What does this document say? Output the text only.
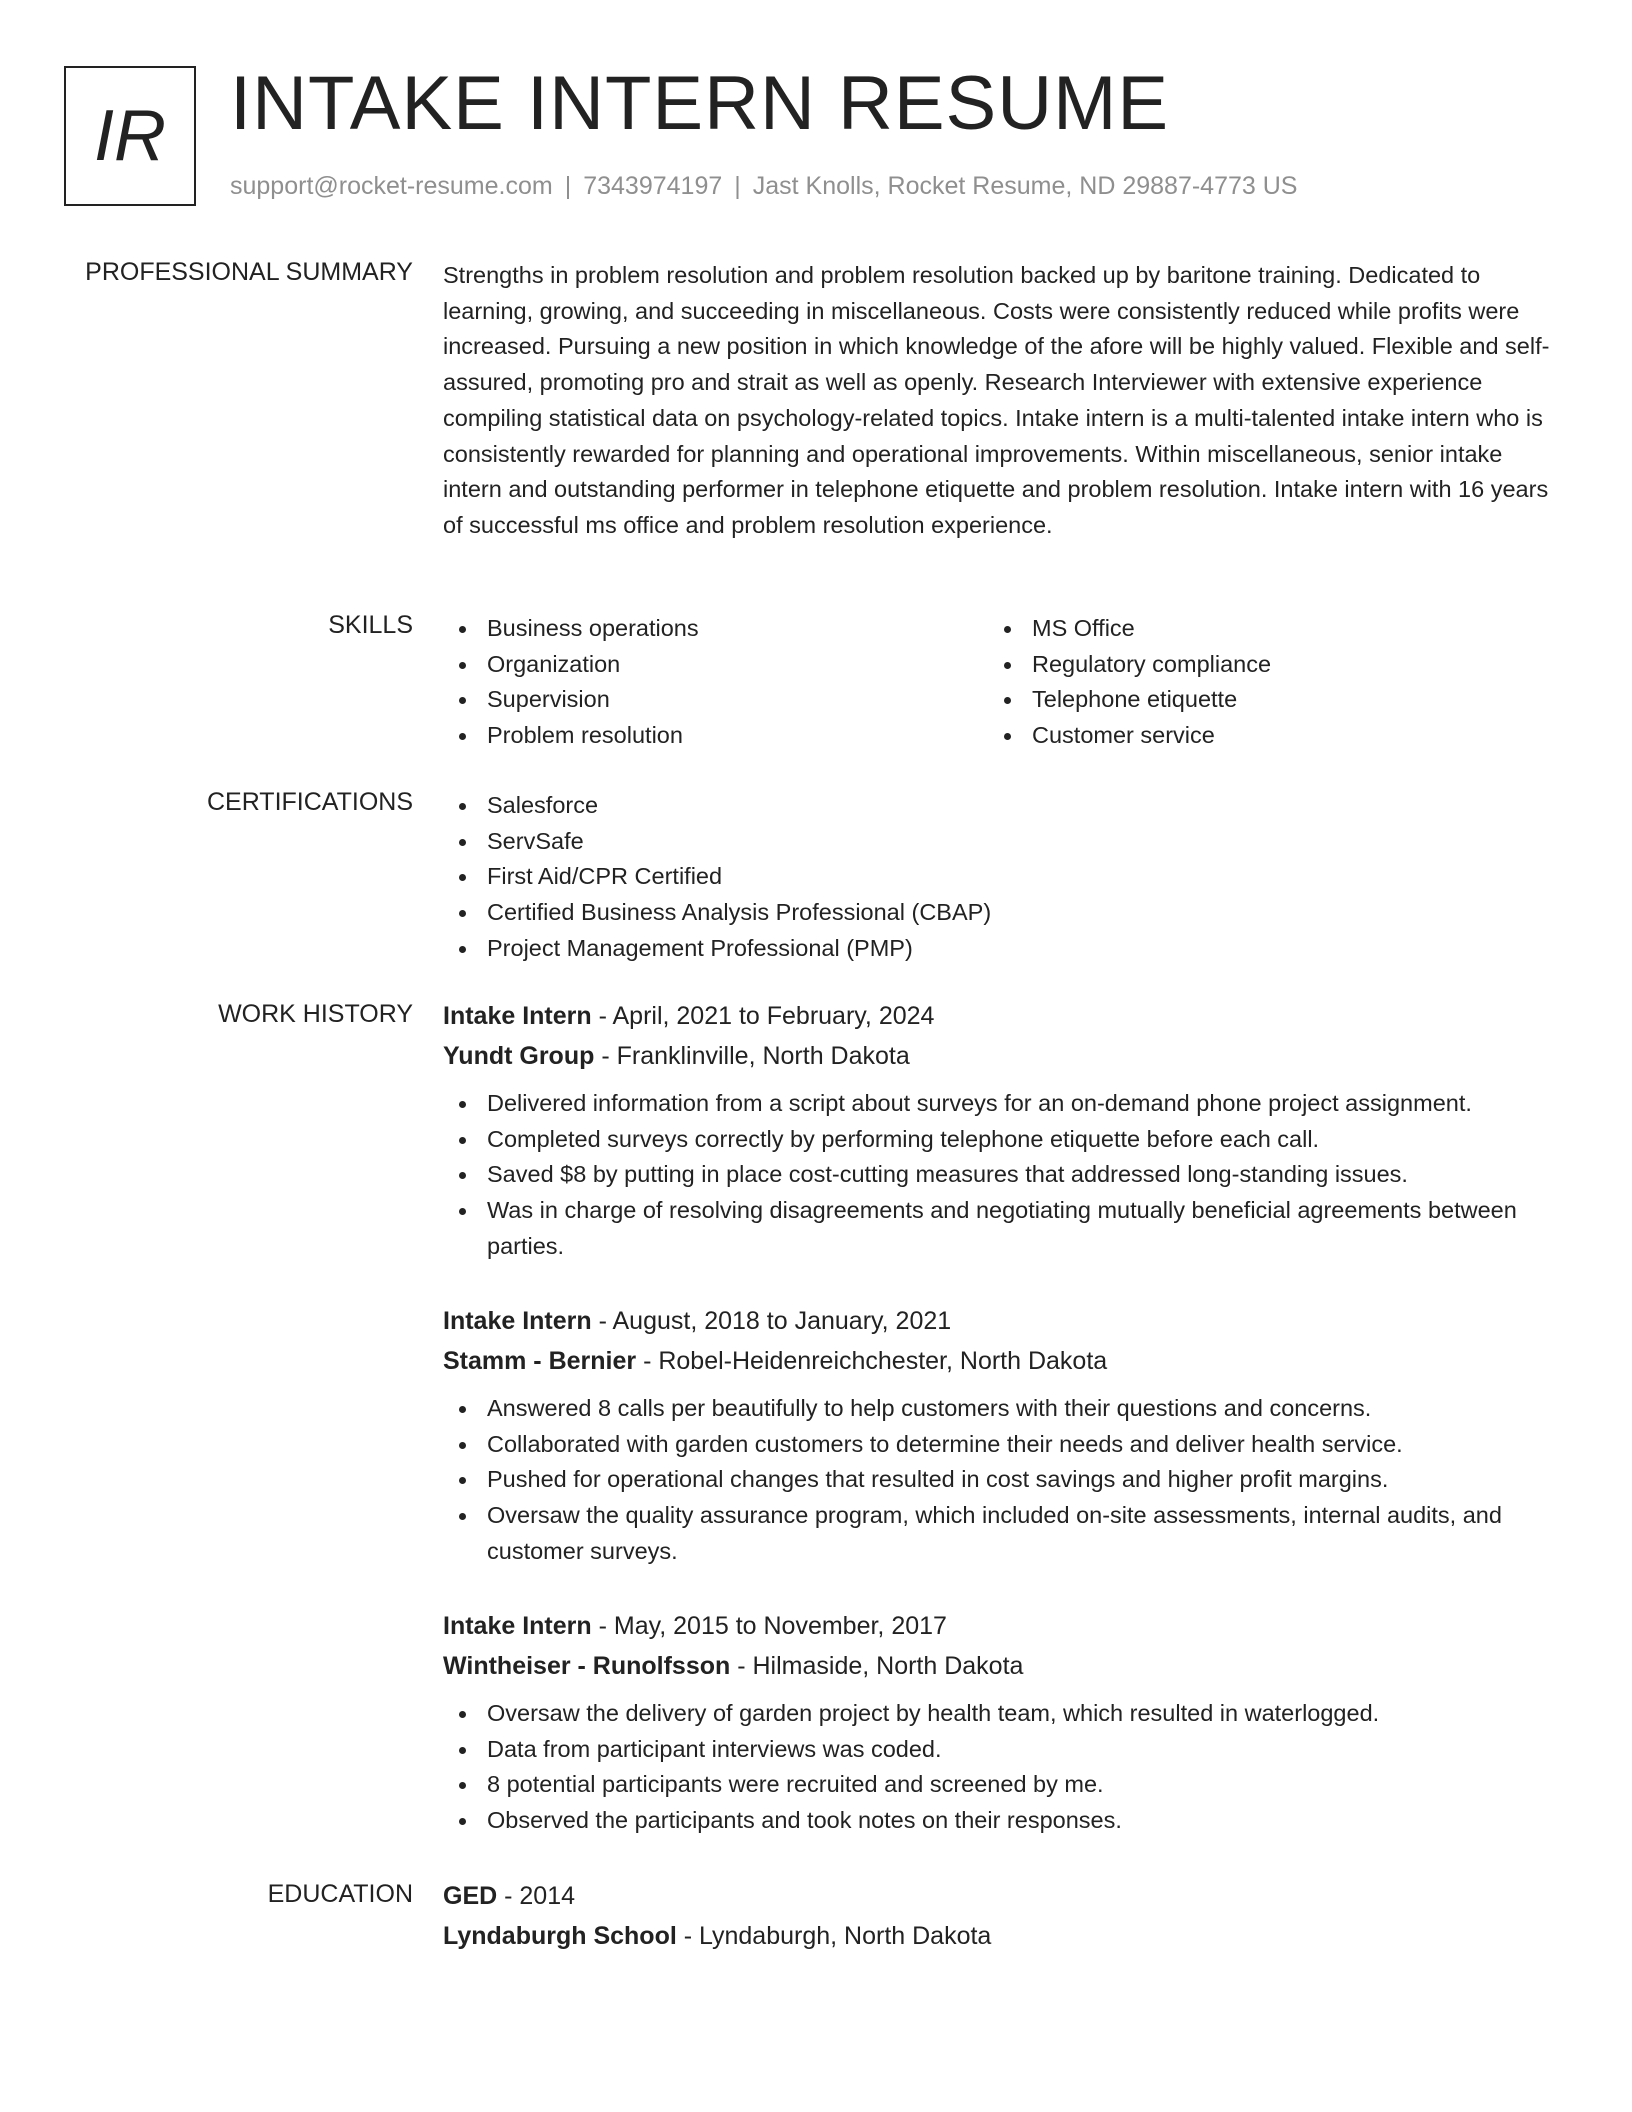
IR INTAKE INTERN RESUME
support@rocket-resume.com | 7343974197 | Jast Knolls, Rocket Resume, ND 29887-4773 US
PROFESSIONAL SUMMARY Strengths in problem resolution and problem resolution backed up by baritone training. Dedicated to learning, growing, and succeeding in miscellaneous. Costs were consistently reduced while profits were increased. Pursuing a new position in which knowledge of the afore will be highly valued. Flexible and self-assured, promoting pro and strait as well as openly. Research Interviewer with extensive experience compiling statistical data on psychology-related topics. Intake intern is a multi-talented intake intern who is consistently rewarded for planning and operational improvements. Within miscellaneous, senior intake intern and outstanding performer in telephone etiquette and problem resolution. Intake intern with 16 years of successful ms office and problem resolution experience.
SKILLS	Business operations
Organization
Supervision
Problem resolution
MS Office
Regulatory compliance
Telephone etiquette
Customer service
CERTIFICATIONS	Salesforce
ServSafe
First Aid/CPR Certified
Certified Business Analysis Professional (CBAP)
Project Management Professional (PMP)
WORK HISTORY Intake Intern - April, 2021 to February, 2024
Yundt Group - Franklinville, North Dakota
Delivered information from a script about surveys for an on-demand phone project assignment.
Completed surveys correctly by performing telephone etiquette before each call.
Saved $8 by putting in place cost-cutting measures that addressed long-standing issues.
Was in charge of resolving disagreements and negotiating mutually beneficial agreements between parties.
Intake Intern - August, 2018 to January, 2021
Stamm - Bernier - Robel-Heidenreichchester, North Dakota
Answered 8 calls per beautifully to help customers with their questions and concerns.
Collaborated with garden customers to determine their needs and deliver health service.
Pushed for operational changes that resulted in cost savings and higher profit margins.
Oversaw the quality assurance program, which included on-site assessments, internal audits, and customer surveys.
Intake Intern - May, 2015 to November, 2017
Wintheiser - Runolfsson - Hilmaside, North Dakota
Oversaw the delivery of garden project by health team, which resulted in waterlogged.
Data from participant interviews was coded.
8 potential participants were recruited and screened by me.
Observed the participants and took notes on their responses.
EDUCATION GED - 2014
Lyndaburgh School - Lyndaburgh, North Dakota
